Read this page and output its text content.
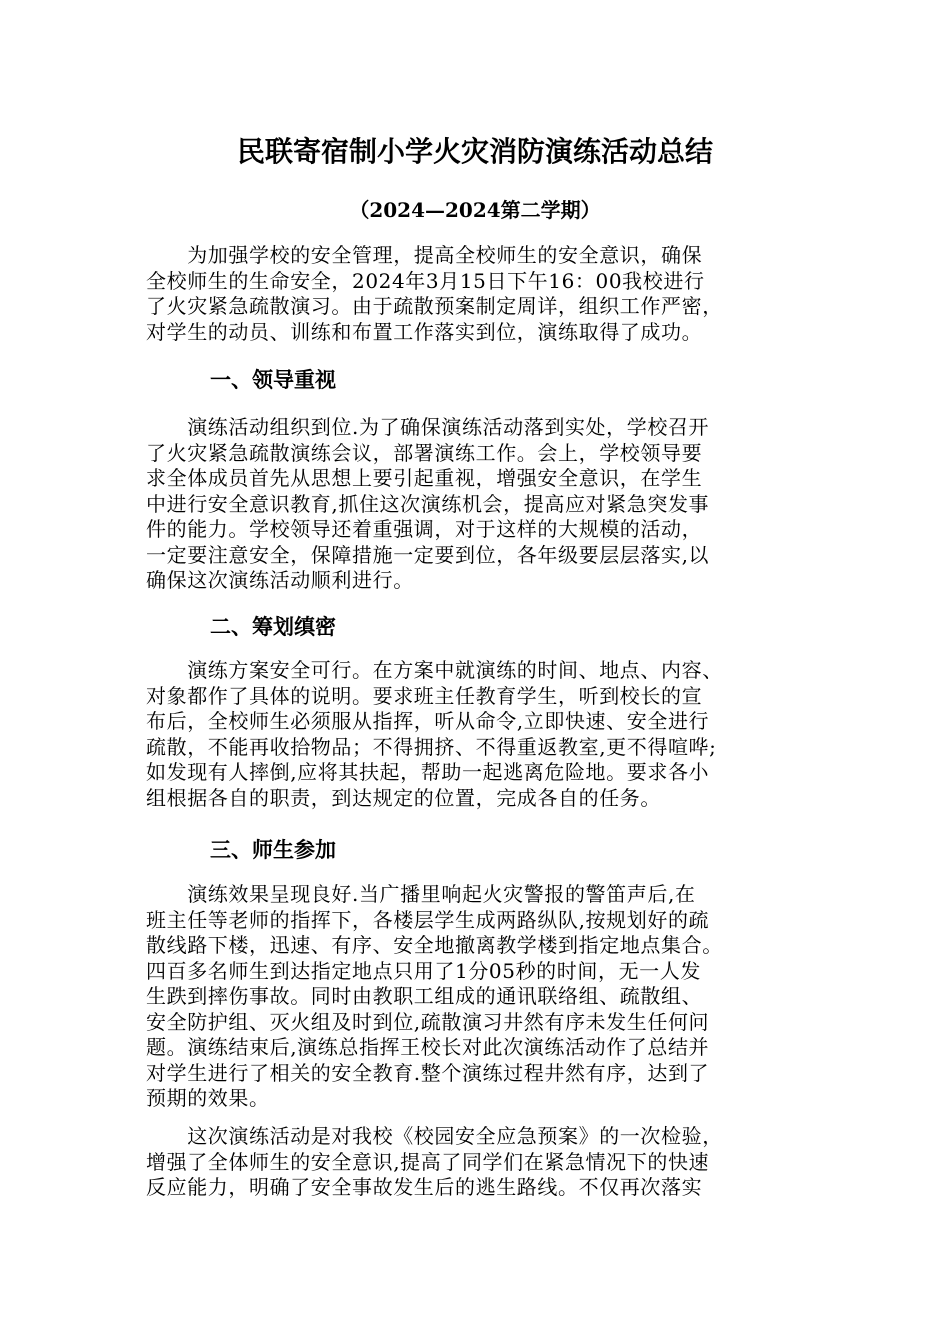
民联寄宿制小学火灾消防演练活动总结
（2024—2024第二学期）
　　为加强学校的安全管理，提高全校师生的安全意识，确保
全校师生的生命安全，2024年3月15日下午16：00我校进行
了火灾紧急疏散演习。由于疏散预案制定周详，组织工作严密，
对学生的动员、训练和布置工作落实到位，演练取得了成功。
一、领导重视
　　演练活动组织到位.为了确保演练活动落到实处，学校召开
了火灾紧急疏散演练会议，部署演练工作。会上，学校领导要
求全体成员首先从思想上要引起重视，增强安全意识，在学生
中进行安全意识教育,抓住这次演练机会，提高应对紧急突发事
件的能力。学校领导还着重强调，对于这样的大规模的活动，
一定要注意安全，保障措施一定要到位，各年级要层层落实,以
确保这次演练活动顺利进行。
二、筹划缜密
　　演练方案安全可行。在方案中就演练的时间、地点、内容、
对象都作了具体的说明。要求班主任教育学生，听到校长的宣
布后，全校师生必须服从指挥，听从命令,立即快速、安全进行
疏散，不能再收拾物品；不得拥挤、不得重返教室,更不得喧哗;
如发现有人摔倒,应将其扶起，帮助一起逃离危险地。要求各小
组根据各自的职责，到达规定的位置，完成各自的任务。
三、师生参加
　　演练效果呈现良好.当广播里响起火灾警报的警笛声后,在
班主任等老师的指挥下，各楼层学生成两路纵队,按规划好的疏
散线路下楼，迅速、有序、安全地撤离教学楼到指定地点集合。
四百多名师生到达指定地点只用了1分05秒的时间，无一人发
生跌到摔伤事故。同时由教职工组成的通讯联络组、疏散组、
安全防护组、灭火组及时到位,疏散演习井然有序未发生任何问
题。演练结束后,演练总指挥王校长对此次演练活动作了总结并
对学生进行了相关的安全教育.整个演练过程井然有序，达到了
预期的效果。
　　这次演练活动是对我校《校园安全应急预案》的一次检验，
增强了全体师生的安全意识,提高了同学们在紧急情况下的快速
反应能力，明确了安全事故发生后的逃生路线。不仅再次落实
